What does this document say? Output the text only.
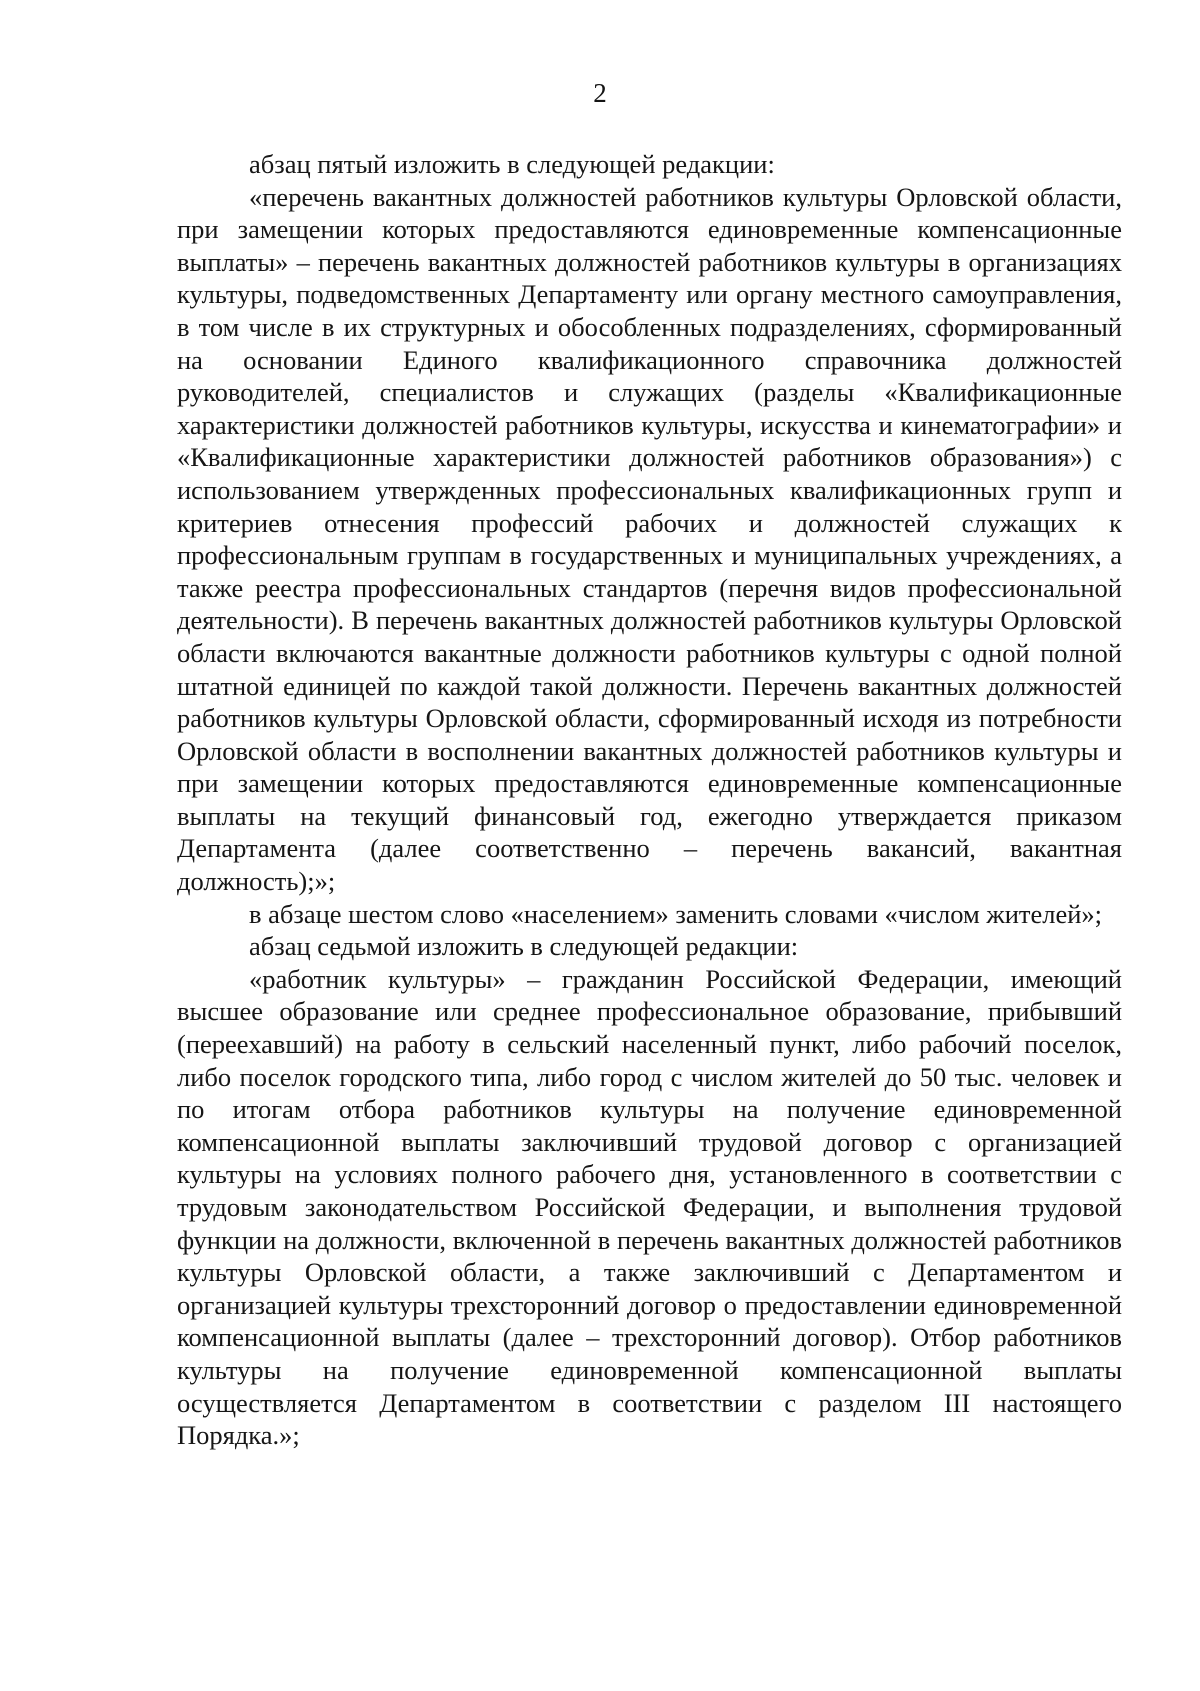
2

абзац пятый изложить в следующей редакции:

«перечень вакантных должностей работников культуры Орловской области, при замещении которых предоставляются единовременные компенсационные выплаты» – перечень вакантных должностей работников культуры в организациях культуры, подведомственных Департаменту или органу местного самоуправления, в том числе в их структурных и обособленных подразделениях, сформированный на основании Единого квалификационного справочника должностей руководителей, специалистов и служащих (разделы «Квалификационные характеристики должностей работников культуры, искусства и кинематографии» и «Квалификационные характеристики должностей работников образования») с использованием утвержденных профессиональных квалификационных групп и критериев отнесения профессий рабочих и должностей служащих к профессиональным группам в государственных и муниципальных учреждениях, а также реестра профессиональных стандартов (перечня видов профессиональной деятельности). В перечень вакантных должностей работников культуры Орловской области включаются вакантные должности работников культуры с одной полной штатной единицей по каждой такой должности. Перечень вакантных должностей работников культуры Орловской области, сформированный исходя из потребности Орловской области в восполнении вакантных должностей работников культуры и при замещении которых предоставляются единовременные компенсационные выплаты на текущий финансовый год, ежегодно утверждается приказом Департамента (далее соответственно – перечень вакансий, вакантная должность);»;

в абзаце шестом слово «населением» заменить словами «числом жителей»;

абзац седьмой изложить в следующей редакции:

«работник культуры» – гражданин Российской Федерации, имеющий высшее образование или среднее профессиональное образование, прибывший (переехавший) на работу в сельский населенный пункт, либо рабочий поселок, либо поселок городского типа, либо город с числом жителей до 50 тыс. человек и по итогам отбора работников культуры на получение единовременной компенсационной выплаты заключивший трудовой договор с организацией культуры на условиях полного рабочего дня, установленного в соответствии с трудовым законодательством Российской Федерации, и выполнения трудовой функции на должности, включенной в перечень вакантных должностей работников культуры Орловской области, а также заключивший с Департаментом и организацией культуры трехсторонний договор о предоставлении единовременной компенсационной выплаты (далее – трехсторонний договор). Отбор работников культуры на получение единовременной компенсационной выплаты осуществляется Департаментом в соответствии с разделом III настоящего Порядка.»;
